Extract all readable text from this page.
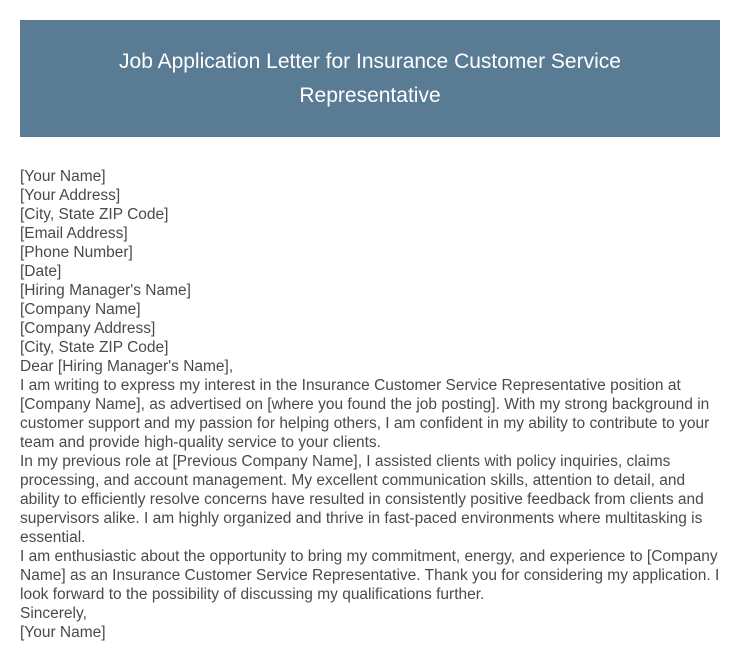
Job Application Letter for Insurance Customer Service Representative
[Your Name]
[Your Address]
[City, State ZIP Code]
[Email Address]
[Phone Number]
[Date]
[Hiring Manager's Name]
[Company Name]
[Company Address]
[City, State ZIP Code]
Dear [Hiring Manager's Name],

I am writing to express my interest in the Insurance Customer Service Representative position at [Company Name], as advertised on [where you found the job posting]. With my strong background in customer support and my passion for helping others, I am confident in my ability to contribute to your team and provide high-quality service to your clients.

In my previous role at [Previous Company Name], I assisted clients with policy inquiries, claims processing, and account management. My excellent communication skills, attention to detail, and ability to efficiently resolve concerns have resulted in consistently positive feedback from clients and supervisors alike. I am highly organized and thrive in fast-paced environments where multitasking is essential.

I am enthusiastic about the opportunity to bring my commitment, energy, and experience to [Company Name] as an Insurance Customer Service Representative. Thank you for considering my application. I look forward to the possibility of discussing my qualifications further.

Sincerely,
[Your Name]
